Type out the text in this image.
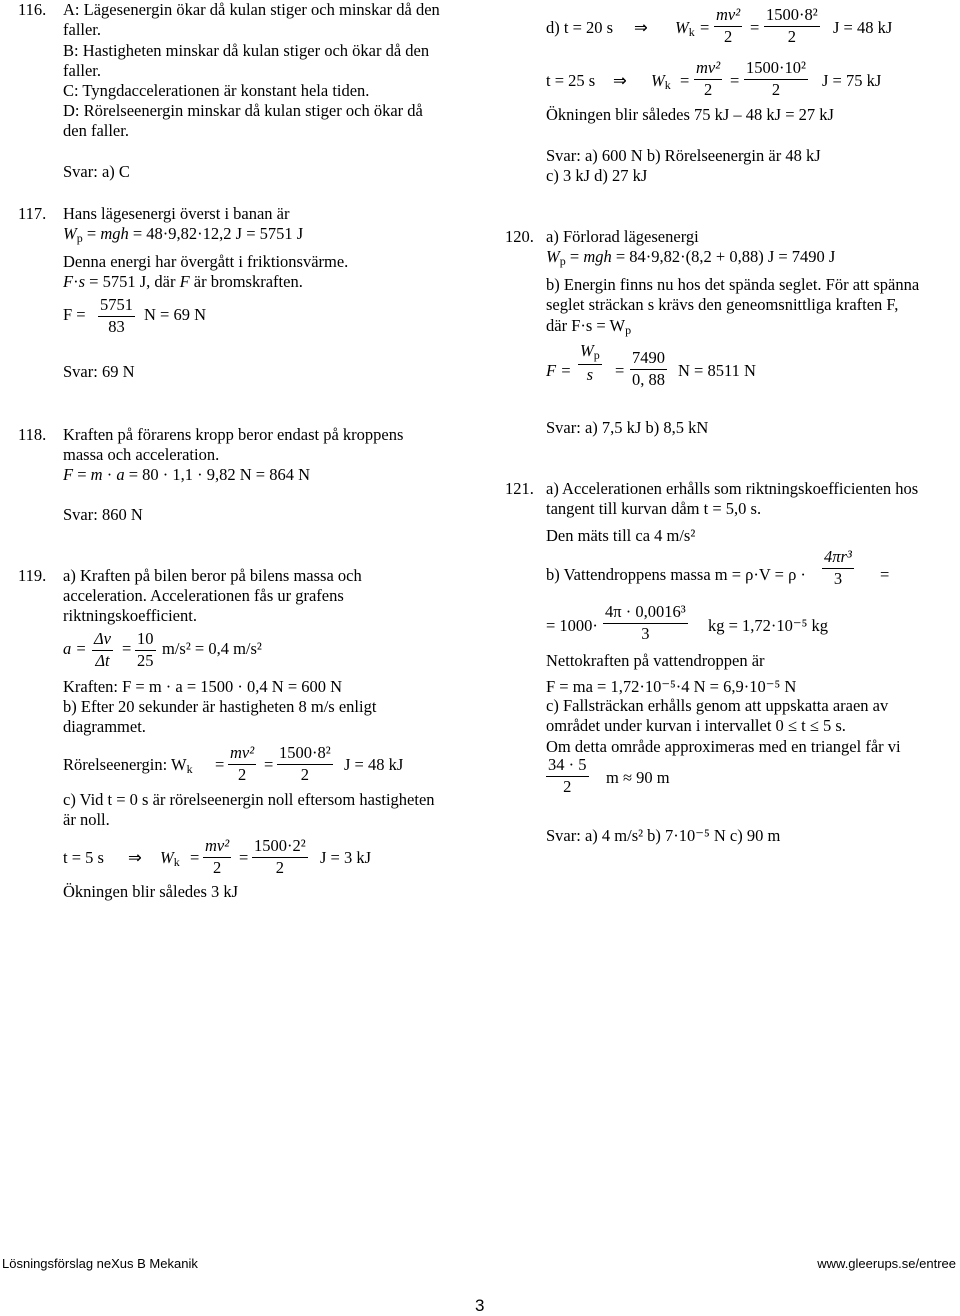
116. A: Lägesenergin ökar då kulan stiger och minskar då den
faller.
B: Hastigheten minskar då kulan stiger och ökar då den
faller.
C: Tyngdaccelerationen är konstant hela tiden.
D: Rörelseenergin minskar då kulan stiger och ökar då
den faller.
Svar: a) C
117. Hans lägesenergi överst i banan är
$W_p$ = mgh = 48·9,82·12,2 J = 5751 J
Denna energi har övergått i friktionsvärme.
F·s = 5751 J, där F är bromskraften.
$F = \frac{5751}{83}$ N = 69 N
Svar: 69 N
118. Kraften på förarens kropp beror endast på kroppens
massa och acceleration.
F = m · a = 80 · 1,1 · 9,82 N = 864 N
Svar: 860 N
119. a) Kraften på bilen beror på bilens massa och
acceleration. Accelerationen fås ur grafens
riktningskoefficient.
$a = \frac{\Delta v}{\Delta t} = \frac{10}{25} m/s^2 = 0,4$ m/s²
Kraften: F = m · a = 1500 · 0,4 N = 600 N
b) Efter 20 sekunder är hastigheten 8 m/s enligt
diagrammet.
Rörelseenergin: $W_k = \frac{\text{mv²}}{2} = \frac{\text{1500·8²}}{2}$ J = 48 kJ
c) Vid t = 0 s är rörelseenergin noll eftersom hastigheten
är noll.
t = 5 s ⇒ $W_k = \frac{\text{mv²}}{2} = \frac{\text{1500·2²}}{2}$ J = 3 kJ
Ökningen blir således 3 kJ
d) t = 20 s ⇒ $W_k = \frac{\text{mv²}}{2} = \frac{\text{1500·8²}}{2}$ J = 48 kJ
t = 25 s ⇒ $W_k = \frac{\text{mv²}}{2} = \frac{\text{1500·10²}}{2}$ J = 75 kJ
Ökningen blir således 75 kJ – 48 kJ = 27 kJ
Svar: a) 600 N b) Rörelseenergin är 48 kJ
c) 3 kJ d) 27 kJ
120. a) Förlorad lägesenergi
$W_p$ = mgh = 84·9,82·(8,2 + 0,88) J = 7490 J
b) Energin finns nu hos det spända seglet. För att spänna
seglet sträckan s krävs den geneomsnittliga kraften F,
där $F\cdot s = W_p$
$F = \frac{W_p}{s} = \frac{7490}{0, 88}$ N = 8511 N
Svar: a) 7,5 kJ b) 8,5 kN
121. a) Accelerationen erhålls som riktningskoefficienten hos
tangent till kurvan dåm t = 5,0 s.
Den mäts till ca 4 m/s²
b) Vattendroppens massa $m = \rho\cdot V = \rho \cdot \frac{\text{4πr³}}{3}$ =
= $1000\cdot \frac{\text{4π · 0,0016³}}{3}$ kg = 1,72·10⁻⁵ kg
Nettokraften på vattendroppen är
F = ma = 1,72·10⁻⁵·4 N = 6,9·10⁻⁵ N
c) Fallsträckan erhålls genom att uppskatta araen av
området under kurvan i intervallet 0 ≤ t ≤ 5 s.
Om detta område approximeras med en triangel får vi
$\frac{34 \cdot 5}{2}$ m ≈ 90 m
Svar: a) 4 m/s² b) 7·10⁻⁵ N c) 90 m
Lösningsförslag neXus B Mekanik	www.gleerups.se/entree
3
